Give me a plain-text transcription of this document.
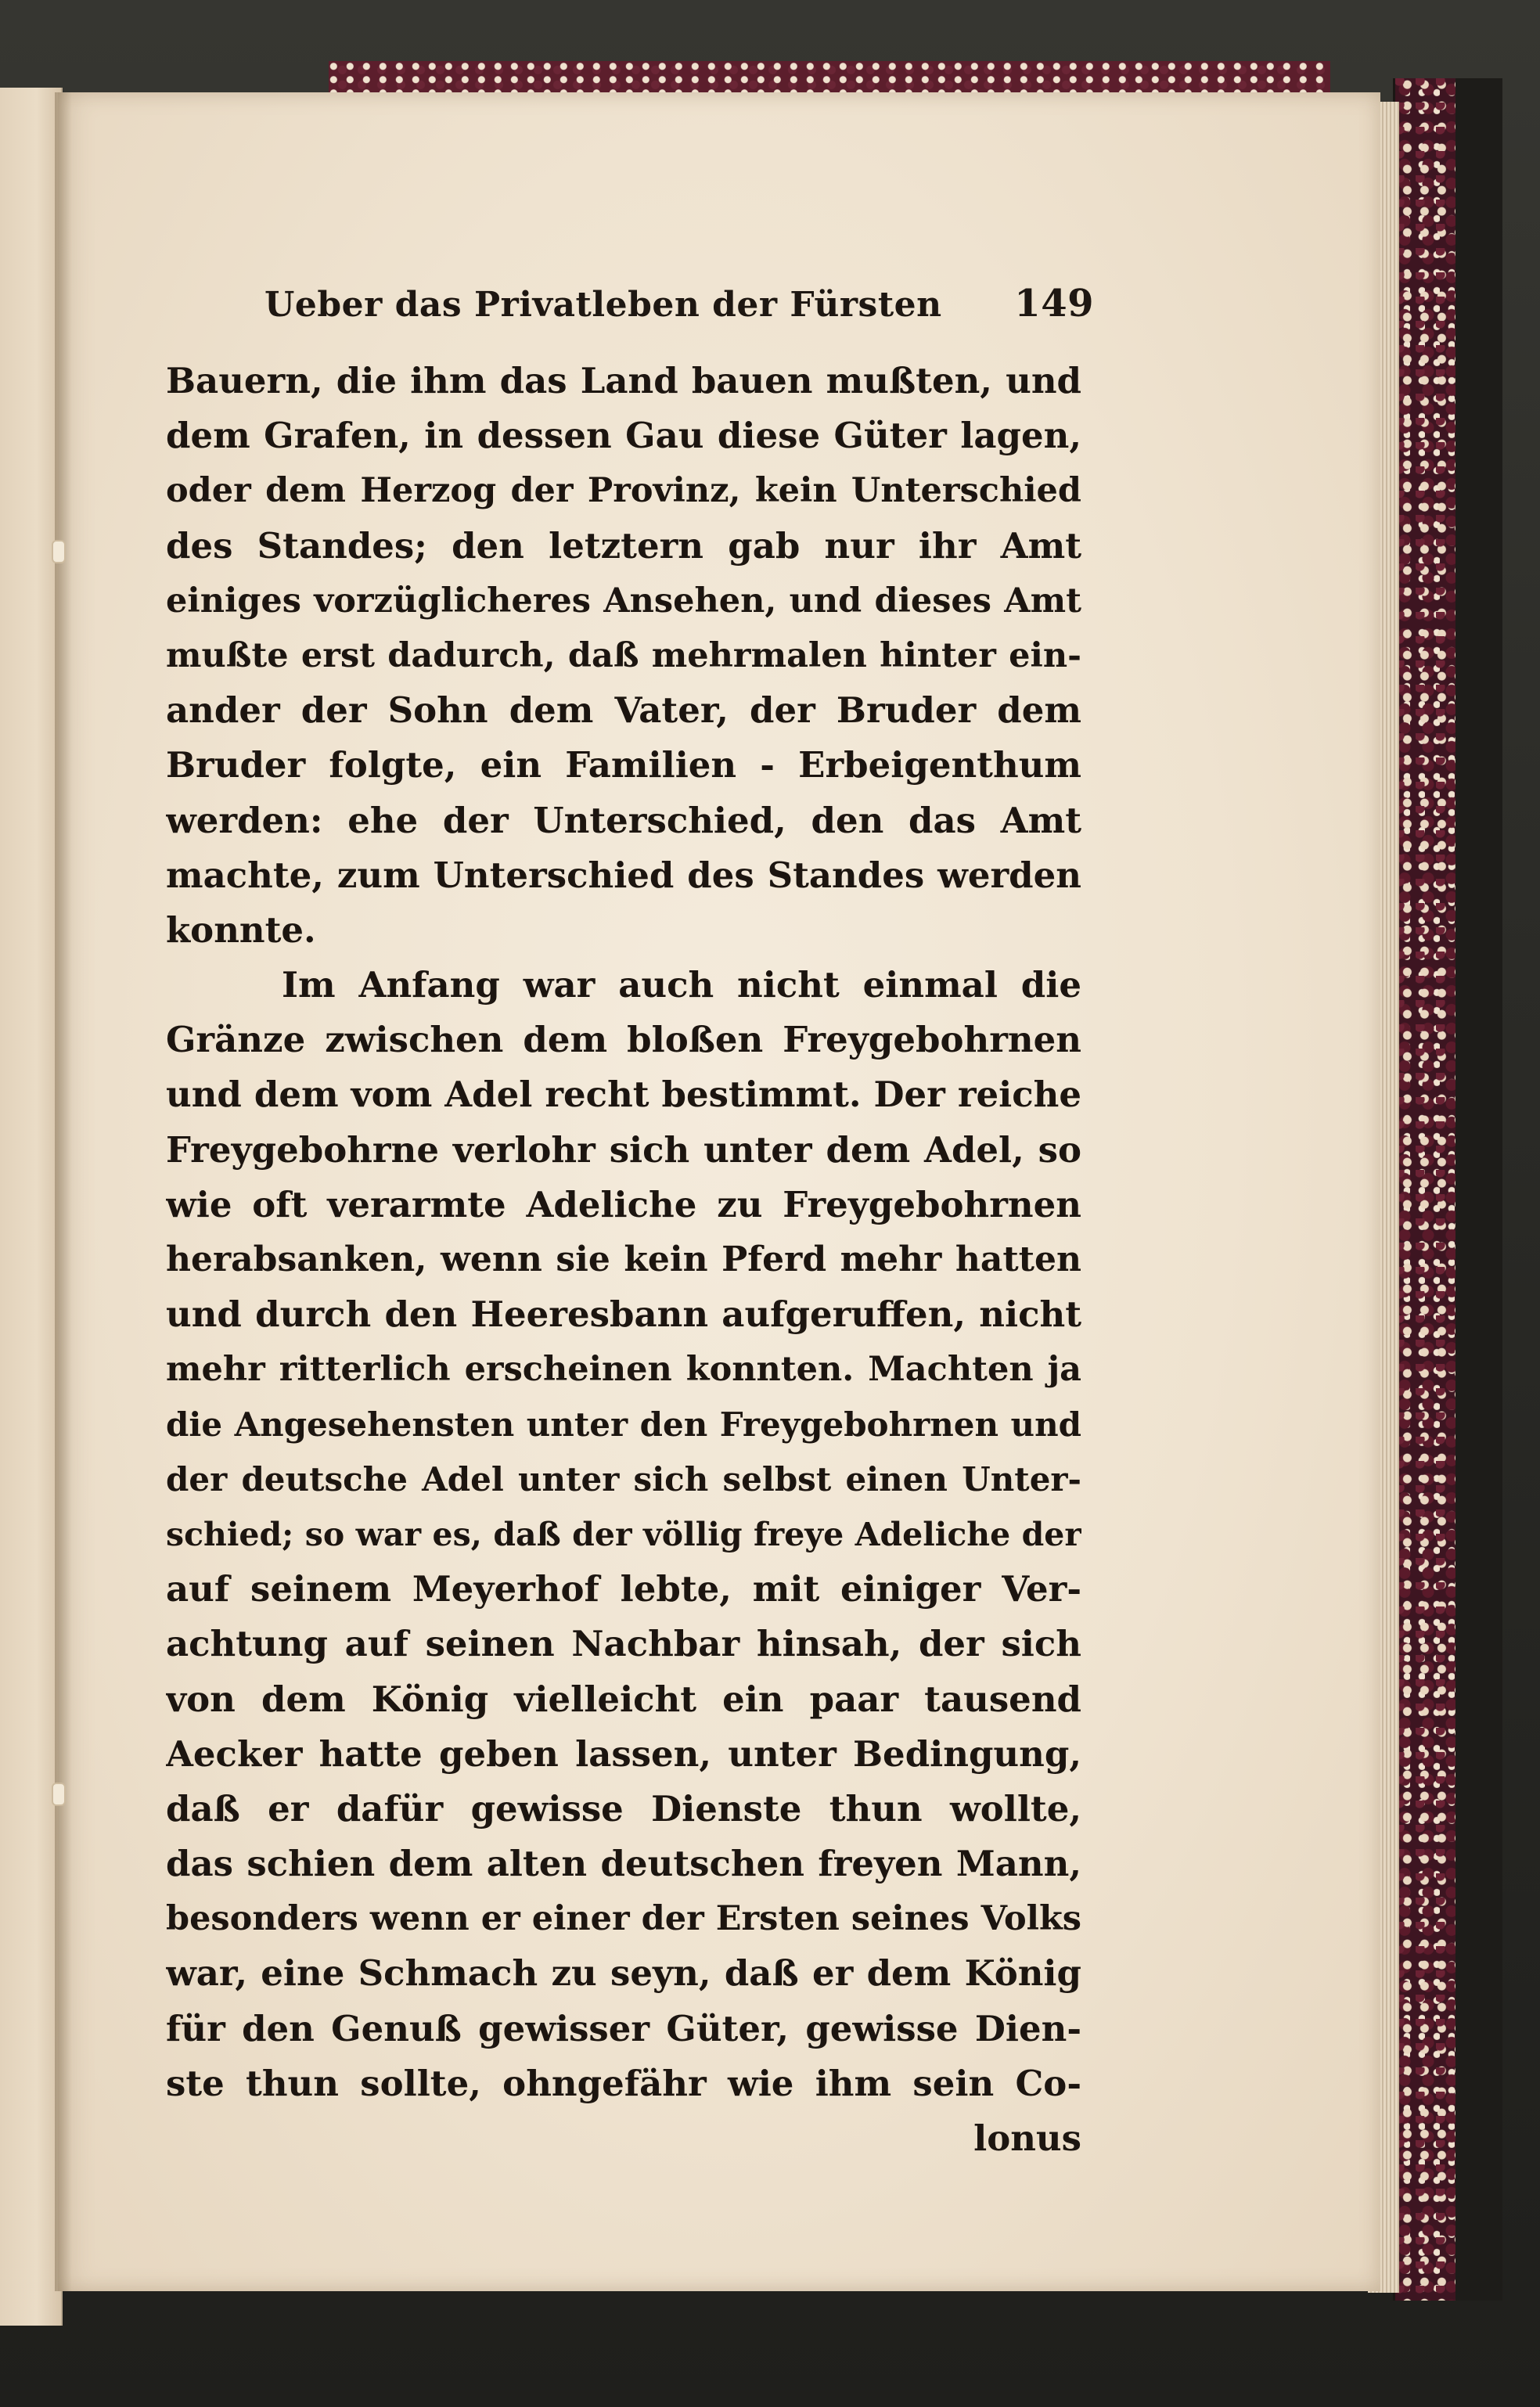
Ueber das Privatleben der Fürsten 149
Bauern, die ihm das Land bauen mußten, und
dem Grafen, in dessen Gau diese Güter lagen,
oder dem Herzog der Provinz, kein Unterschied
des Standes; den letztern gab nur ihr Amt
einiges vorzüglicheres Ansehen, und dieses Amt
mußte erst dadurch, daß mehrmalen hinter ein-
ander der Sohn dem Vater, der Bruder dem
Bruder folgte, ein Familien - Erbeigenthum
werden: ehe der Unterschied, den das Amt
machte, zum Unterschied des Standes werden
konnte.
Im Anfang war auch nicht einmal die
Gränze zwischen dem bloßen Freygebohrnen
und dem vom Adel recht bestimmt. Der reiche
Freygebohrne verlohr sich unter dem Adel, so
wie oft verarmte Adeliche zu Freygebohrnen
herabsanken, wenn sie kein Pferd mehr hatten
und durch den Heeresbann aufgeruffen, nicht
mehr ritterlich erscheinen konnten. Machten ja
die Angesehensten unter den Freygebohrnen und
der deutsche Adel unter sich selbst einen Unter-
schied; so war es, daß der völlig freye Adeliche der
auf seinem Meyerhof lebte, mit einiger Ver-
achtung auf seinen Nachbar hinsah, der sich
von dem König vielleicht ein paar tausend
Aecker hatte geben lassen, unter Bedingung,
daß er dafür gewisse Dienste thun wollte,
das schien dem alten deutschen freyen Mann,
besonders wenn er einer der Ersten seines Volks
war, eine Schmach zu seyn, daß er dem König
für den Genuß gewisser Güter, gewisse Dien-
ste thun sollte, ohngefähr wie ihm sein Co-
lonus
